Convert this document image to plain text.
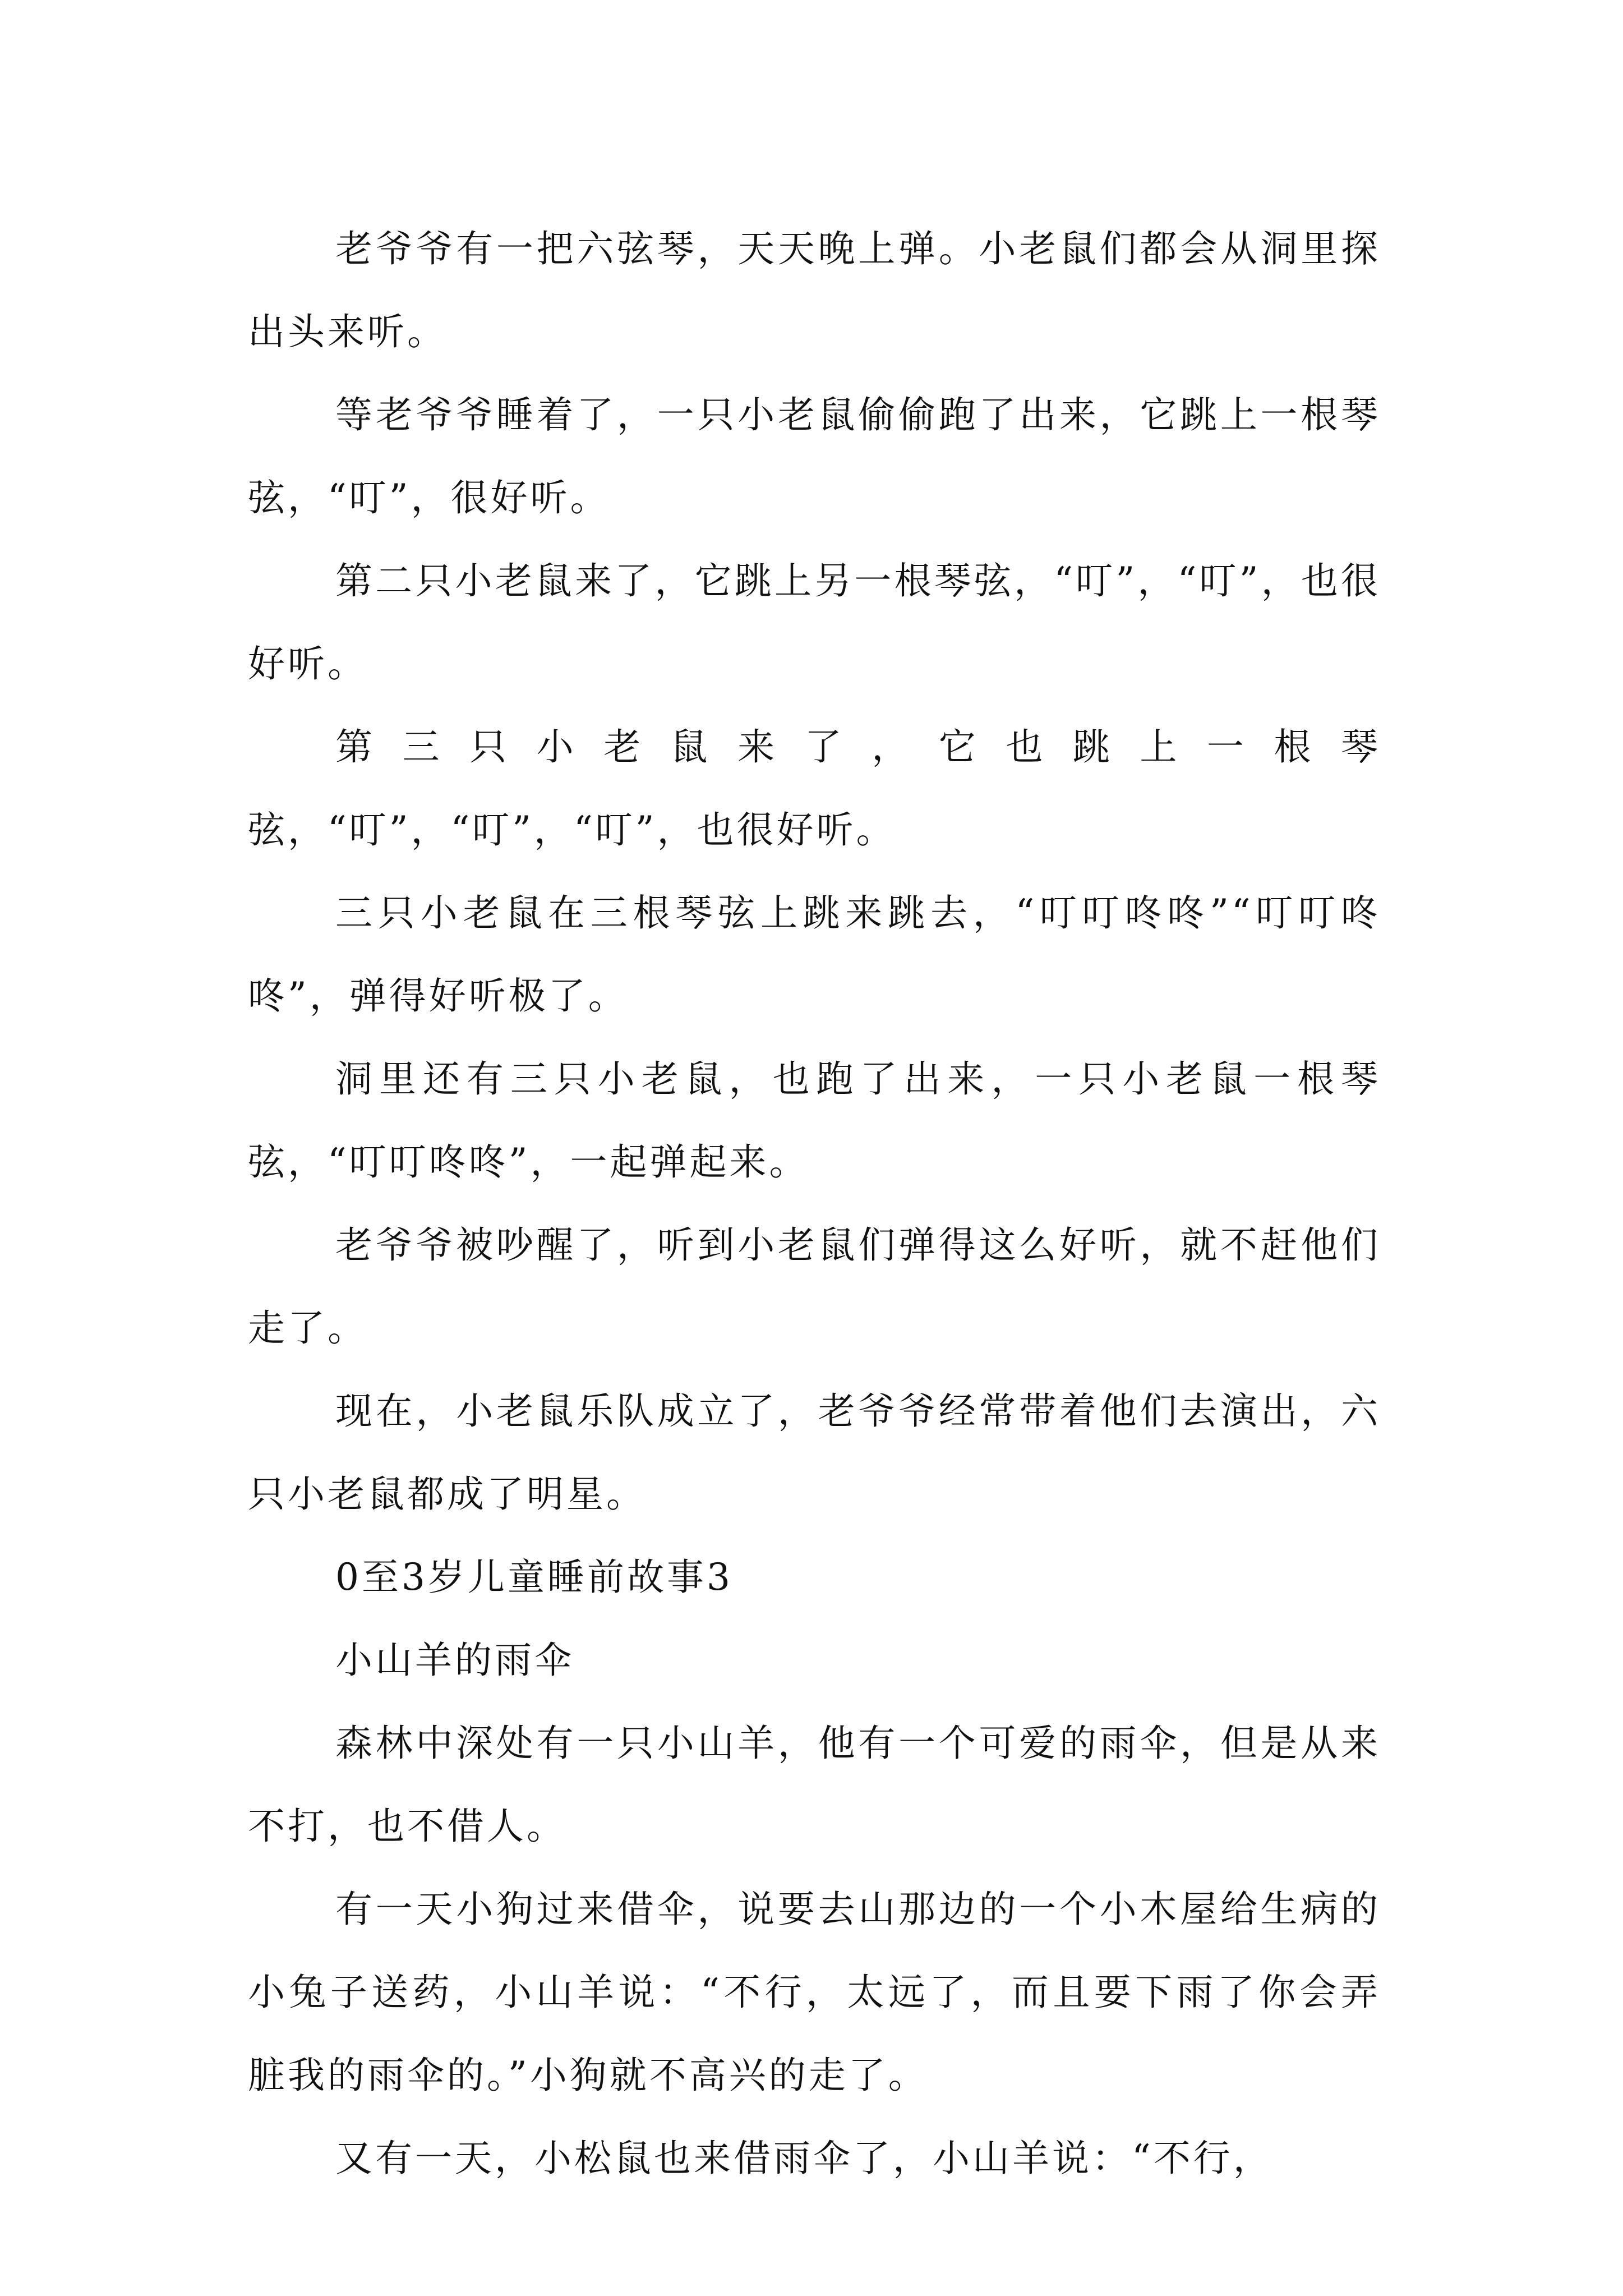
老爷爷有一把六弦琴，天天晚上弹。小老鼠们都会从洞里探出头来听。

等老爷爷睡着了，一只小老鼠偷偷跑了出来，它跳上一根琴弦，“叮”，很好听。

第二只小老鼠来了，它跳上另一根琴弦，“叮”，“叮”，也很好听。

第三只小老鼠来了，它也跳上一根琴弦，“叮”，“叮”，“叮”，也很好听。

三只小老鼠在三根琴弦上跳来跳去，“叮叮咚咚”“叮叮咚咚”，弹得好听极了。

洞里还有三只小老鼠，也跑了出来，一只小老鼠一根琴弦，“叮叮咚咚”，一起弹起来。

老爷爷被吵醒了，听到小老鼠们弹得这么好听，就不赶他们走了。

现在，小老鼠乐队成立了，老爷爷经常带着他们去演出，六只小老鼠都成了明星。

0至3岁儿童睡前故事3

小山羊的雨伞

森林中深处有一只小山羊，他有一个可爱的雨伞，但是从来不打，也不借人。

有一天小狗过来借伞，说要去山那边的一个小木屋给生病的小兔子送药，小山羊说：“不行，太远了，而且要下雨了你会弄脏我的雨伞的。”小狗就不高兴的走了。

又有一天，小松鼠也来借雨伞了，小山羊说：“不行，
